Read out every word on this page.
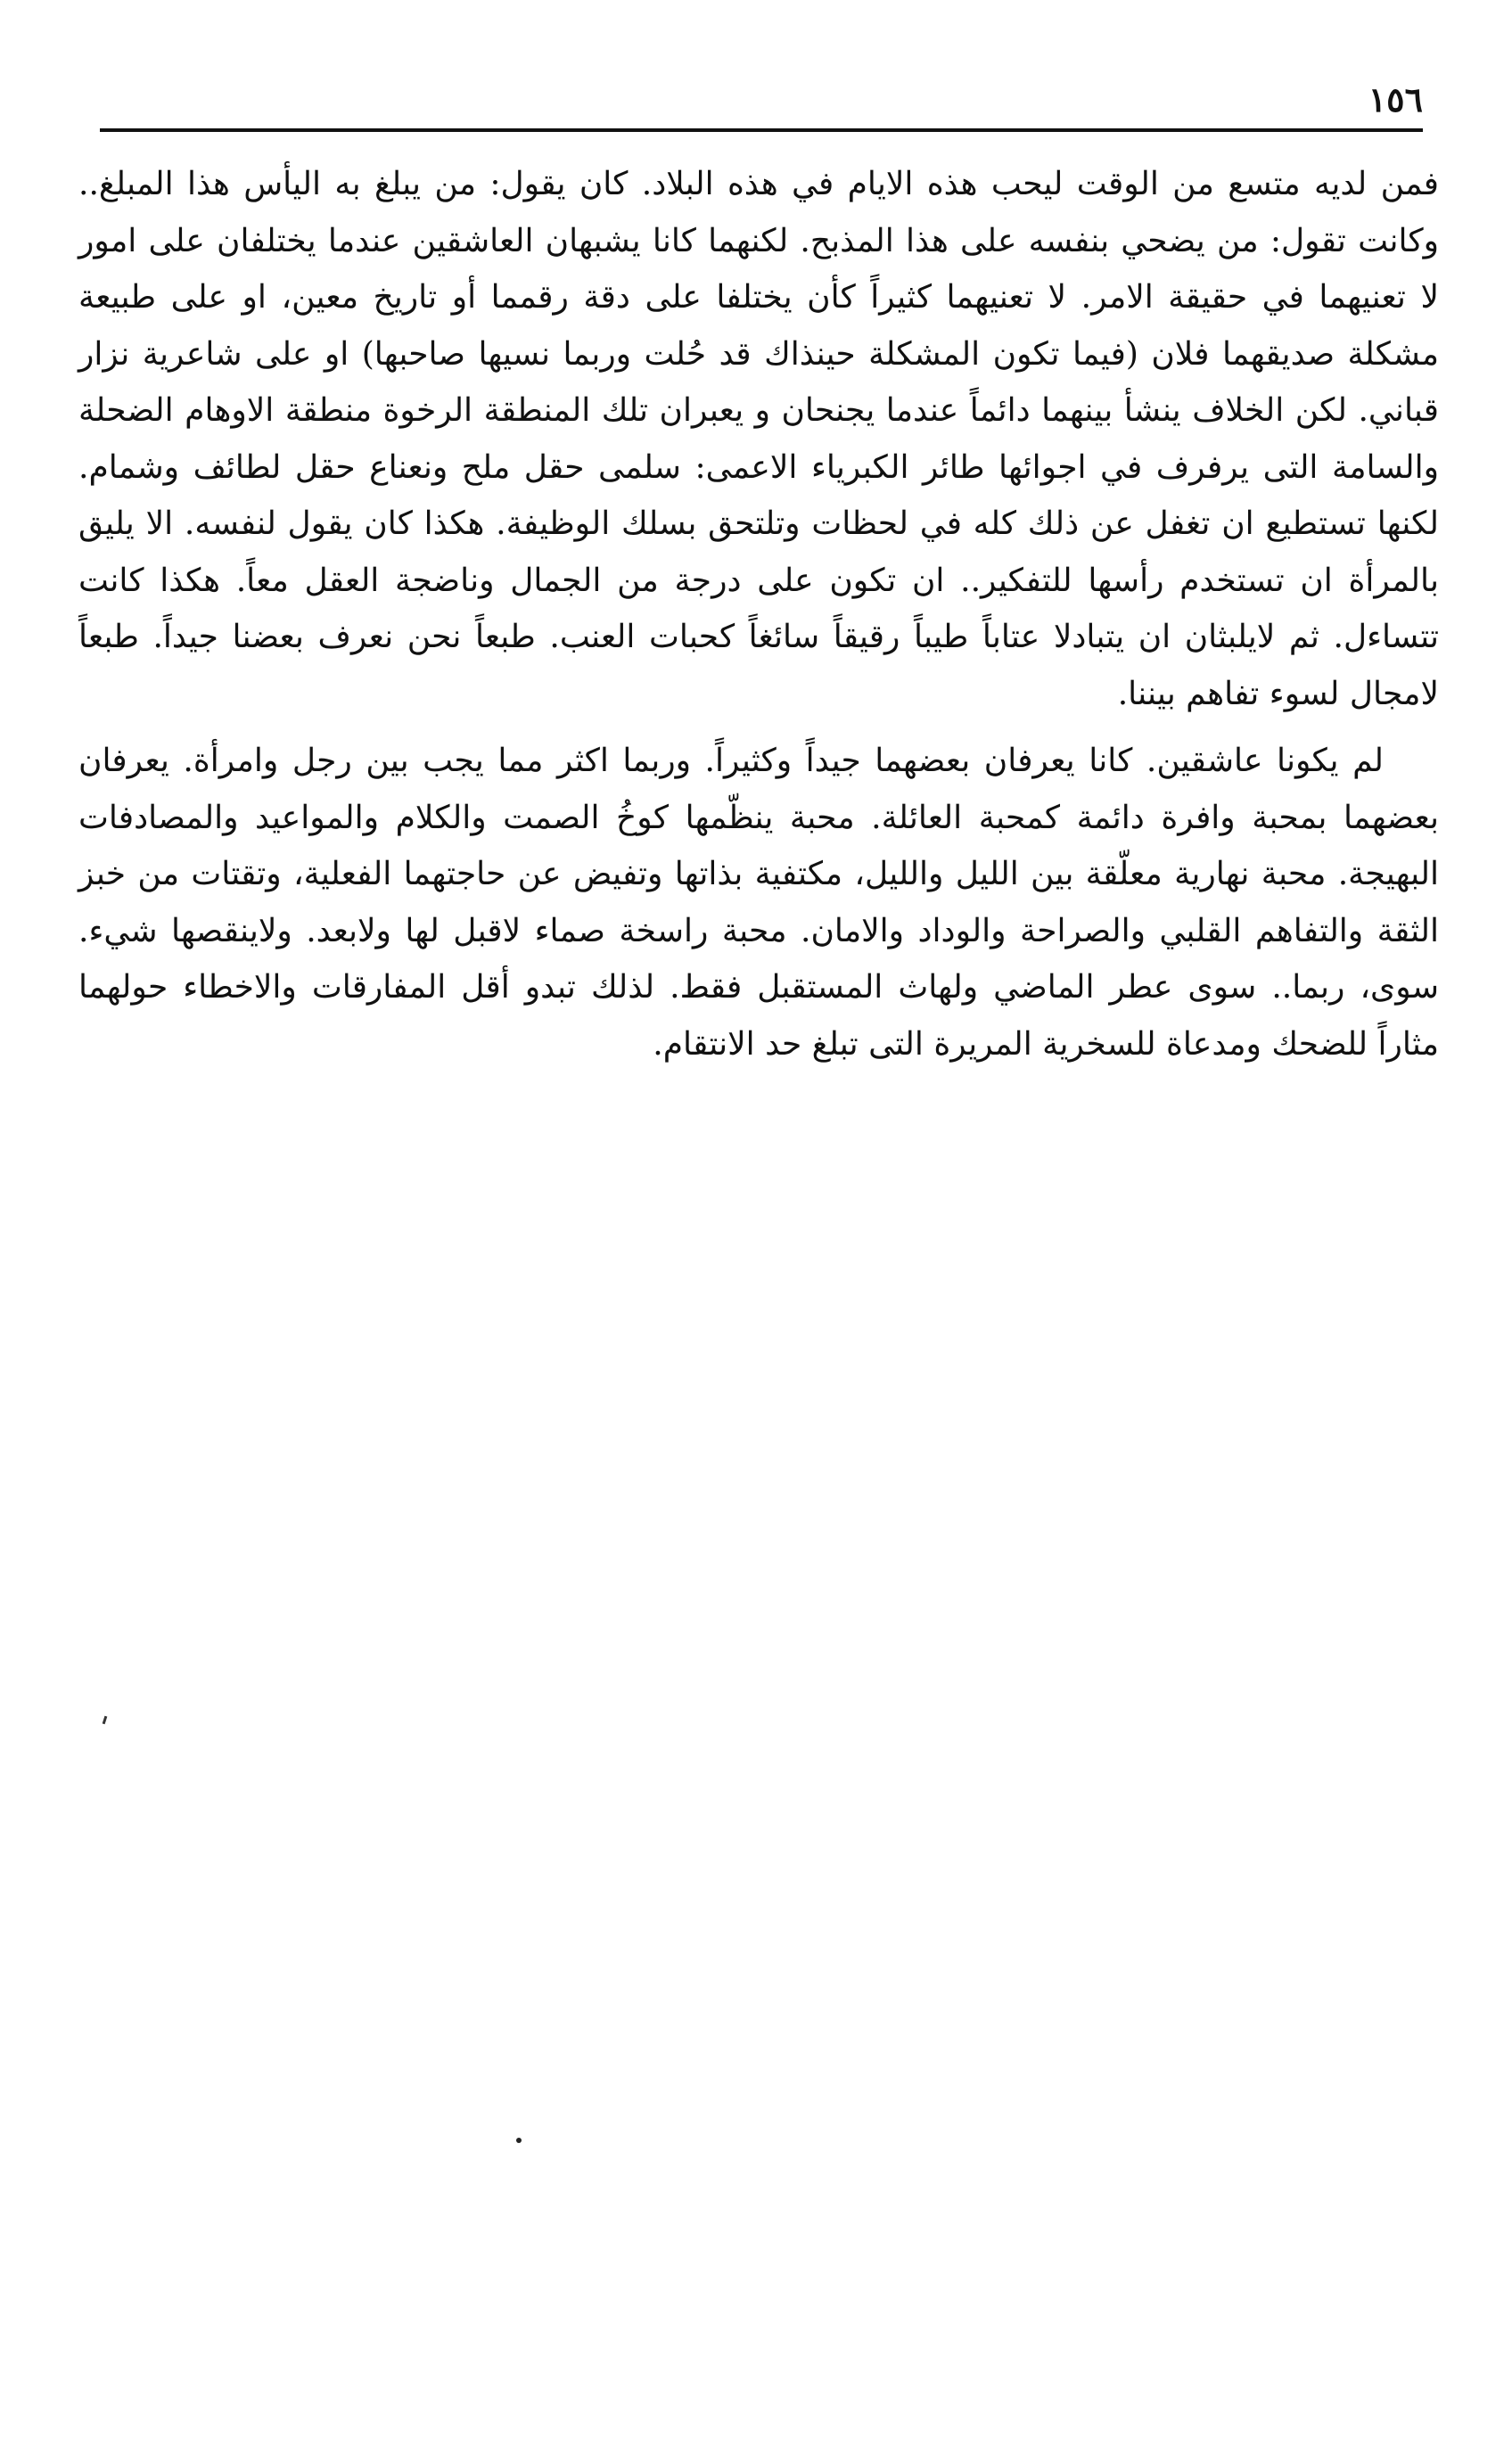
١٥٦

فمن لديه متسع من الوقت ليحب هذه الايام في هذه البلاد. كان يقول: من يبلغ به اليأس هذا المبلغ.. وكانت تقول: من يضحي بنفسه على هذا المذبح. لكنهما كانا يشبهان العاشقين عندما يختلفان على امور لا تعنيهما في حقيقة الامر. لا تعنيهما كثيراً كأن يختلفا على دقة رقمما أو تاريخ معين، او على طبيعة مشكلة صديقهما فلان (فيما تكون المشكلة حينذاك قد حُلت وربما نسيها صاحبها) او على شاعرية نزار قباني. لكن الخلاف ينشأ بينهما دائماً عندما يجنحان و يعبران تلك المنطقة الرخوة منطقة الاوهام الضحلة والسامة التى يرفرف في اجوائها طائر الكبرياء الاعمى: سلمى حقل ملح ونعناع حقل لطائف وشمام. لكنها تستطيع ان تغفل عن ذلك كله في لحظات وتلتحق بسلك الوظيفة. هكذا كان يقول لنفسه. الا يليق بالمرأة ان تستخدم رأسها للتفكير.. ان تكون على درجة من الجمال وناضجة العقل معاً. هكذا كانت تتساءل. ثم لايلبثان ان يتبادلا عتاباً طيباً رقيقاً سائغاً كحبات العنب. طبعاً نحن نعرف بعضنا جيداً. طبعاً لامجال لسوء تفاهم بيننا.

لم يكونا عاشقين. كانا يعرفان بعضهما جيداً وكثيراً. وربما اكثر مما يجب بين رجل وامرأة. يعرفان بعضهما بمحبة وافرة دائمة كمحبة العائلة. محبة ينظّمها كوخُ الصمت والكلام والمواعيد والمصادفات البهيجة. محبة نهارية معلّقة بين الليل والليل، مكتفية بذاتها وتفيض عن حاجتهما الفعلية، وتقتات من خبز الثقة والتفاهم القلبي والصراحة والوداد والامان. محبة راسخة صماء لاقبل لها ولابعد. ولاينقصها شيء. سوى، ربما.. سوى عطر الماضي ولهاث المستقبل فقط. لذلك تبدو أقل المفارقات والاخطاء حولهما مثاراً للضحك ومدعاة للسخرية المريرة التى تبلغ حد الانتقام.
